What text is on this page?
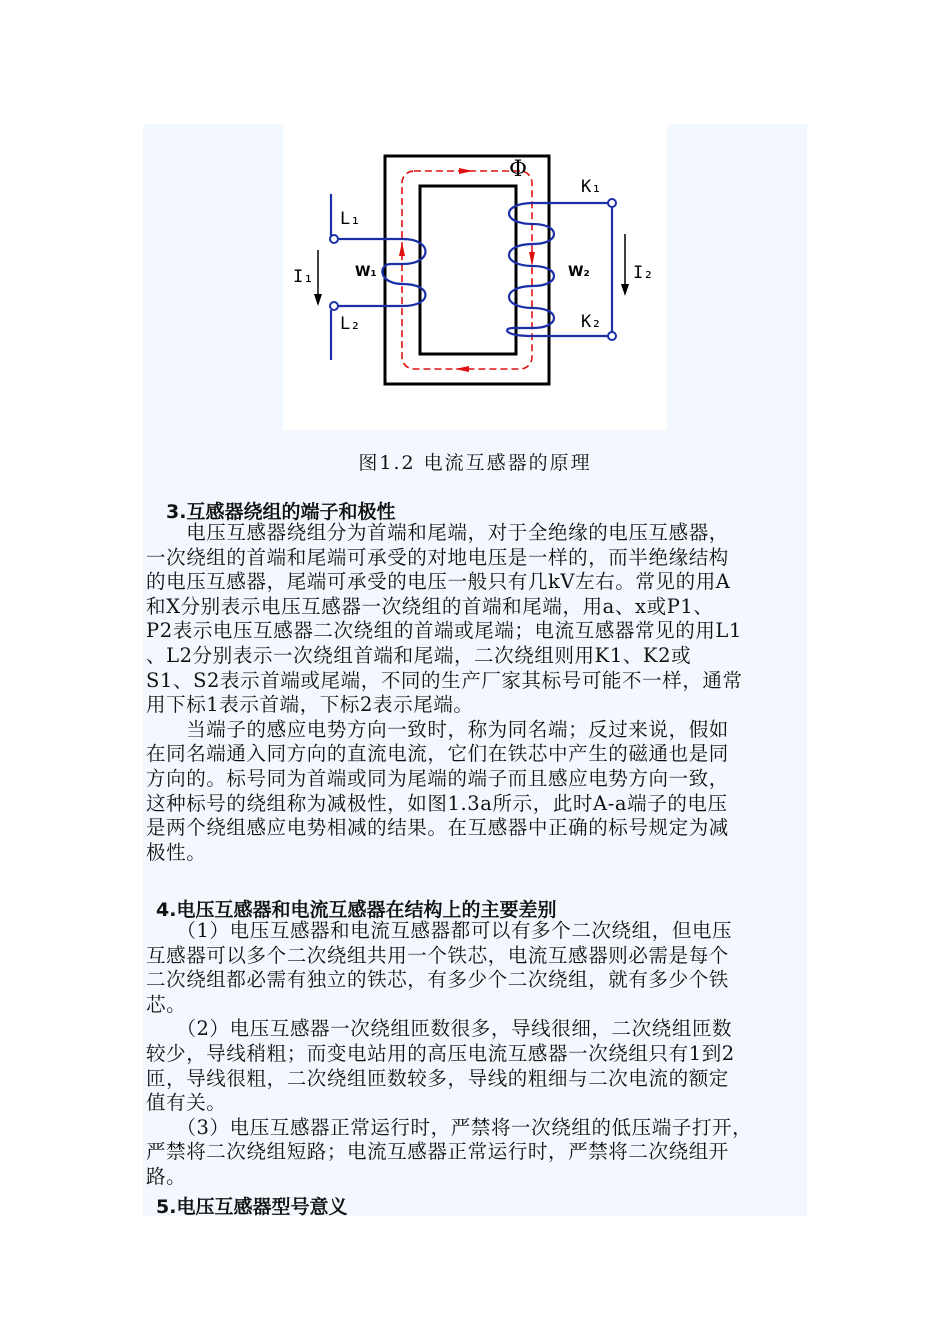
Φ
L₁
L₂
K₁
K₂
I₁	I₂
W₁	W₂
图1.2 电流互感器的原理
3.互感器绕组的端子和极性
　　电压互感器绕组分为首端和尾端，对于全绝缘的电压互感器，
一次绕组的首端和尾端可承受的对地电压是一样的，而半绝缘结构
的电压互感器，尾端可承受的电压一般只有几kV左右。常见的用A
和X分别表示电压互感器一次绕组的首端和尾端，用a、x或P1、
P2表示电压互感器二次绕组的首端或尾端；电流互感器常见的用L1
、L2分别表示一次绕组首端和尾端，二次绕组则用K1、K2或
S1、S2表示首端或尾端，不同的生产厂家其标号可能不一样，通常
用下标1表示首端，下标2表示尾端。
　　当端子的感应电势方向一致时，称为同名端；反过来说，假如
在同名端通入同方向的直流电流，它们在铁芯中产生的磁通也是同
方向的。标号同为首端或同为尾端的端子而且感应电势方向一致，
这种标号的绕组称为减极性，如图1.3a所示，此时A-a端子的电压
是两个绕组感应电势相减的结果。在互感器中正确的标号规定为减
极性。
4.电压互感器和电流互感器在结构上的主要差别
　　（1）电压互感器和电流互感器都可以有多个二次绕组，但电压
互感器可以多个二次绕组共用一个铁芯，电流互感器则必需是每个
二次绕组都必需有独立的铁芯，有多少个二次绕组，就有多少个铁
芯。
　　（2）电压互感器一次绕组匝数很多，导线很细，二次绕组匝数
较少，导线稍粗；而变电站用的高压电流互感器一次绕组只有1到2
匝，导线很粗，二次绕组匝数较多，导线的粗细与二次电流的额定
值有关。
　　（3）电压互感器正常运行时，严禁将一次绕组的低压端子打开，
严禁将二次绕组短路；电流互感器正常运行时，严禁将二次绕组开
路。
5.电压互感器型号意义
